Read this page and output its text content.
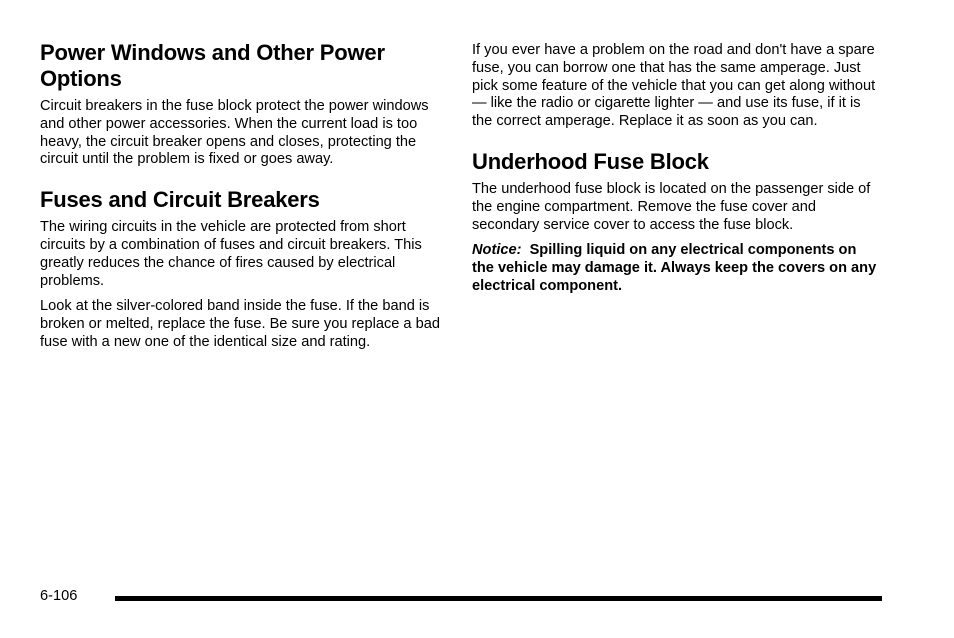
Power Windows and Other Power Options

Circuit breakers in the fuse block protect the power windows and other power accessories. When the current load is too heavy, the circuit breaker opens and closes, protecting the circuit until the problem is fixed or goes away.

Fuses and Circuit Breakers

The wiring circuits in the vehicle are protected from short circuits by a combination of fuses and circuit breakers. This greatly reduces the chance of fires caused by electrical problems.

Look at the silver-colored band inside the fuse. If the band is broken or melted, replace the fuse. Be sure you replace a bad fuse with a new one of the identical size and rating.

If you ever have a problem on the road and don't have a spare fuse, you can borrow one that has the same amperage. Just pick some feature of the vehicle that you can get along without — like the radio or cigarette lighter — and use its fuse, if it is the correct amperage. Replace it as soon as you can.

Underhood Fuse Block

The underhood fuse block is located on the passenger side of the engine compartment. Remove the fuse cover and secondary service cover to access the fuse block.

Notice: Spilling liquid on any electrical components on the vehicle may damage it. Always keep the covers on any electrical component.

6-106
